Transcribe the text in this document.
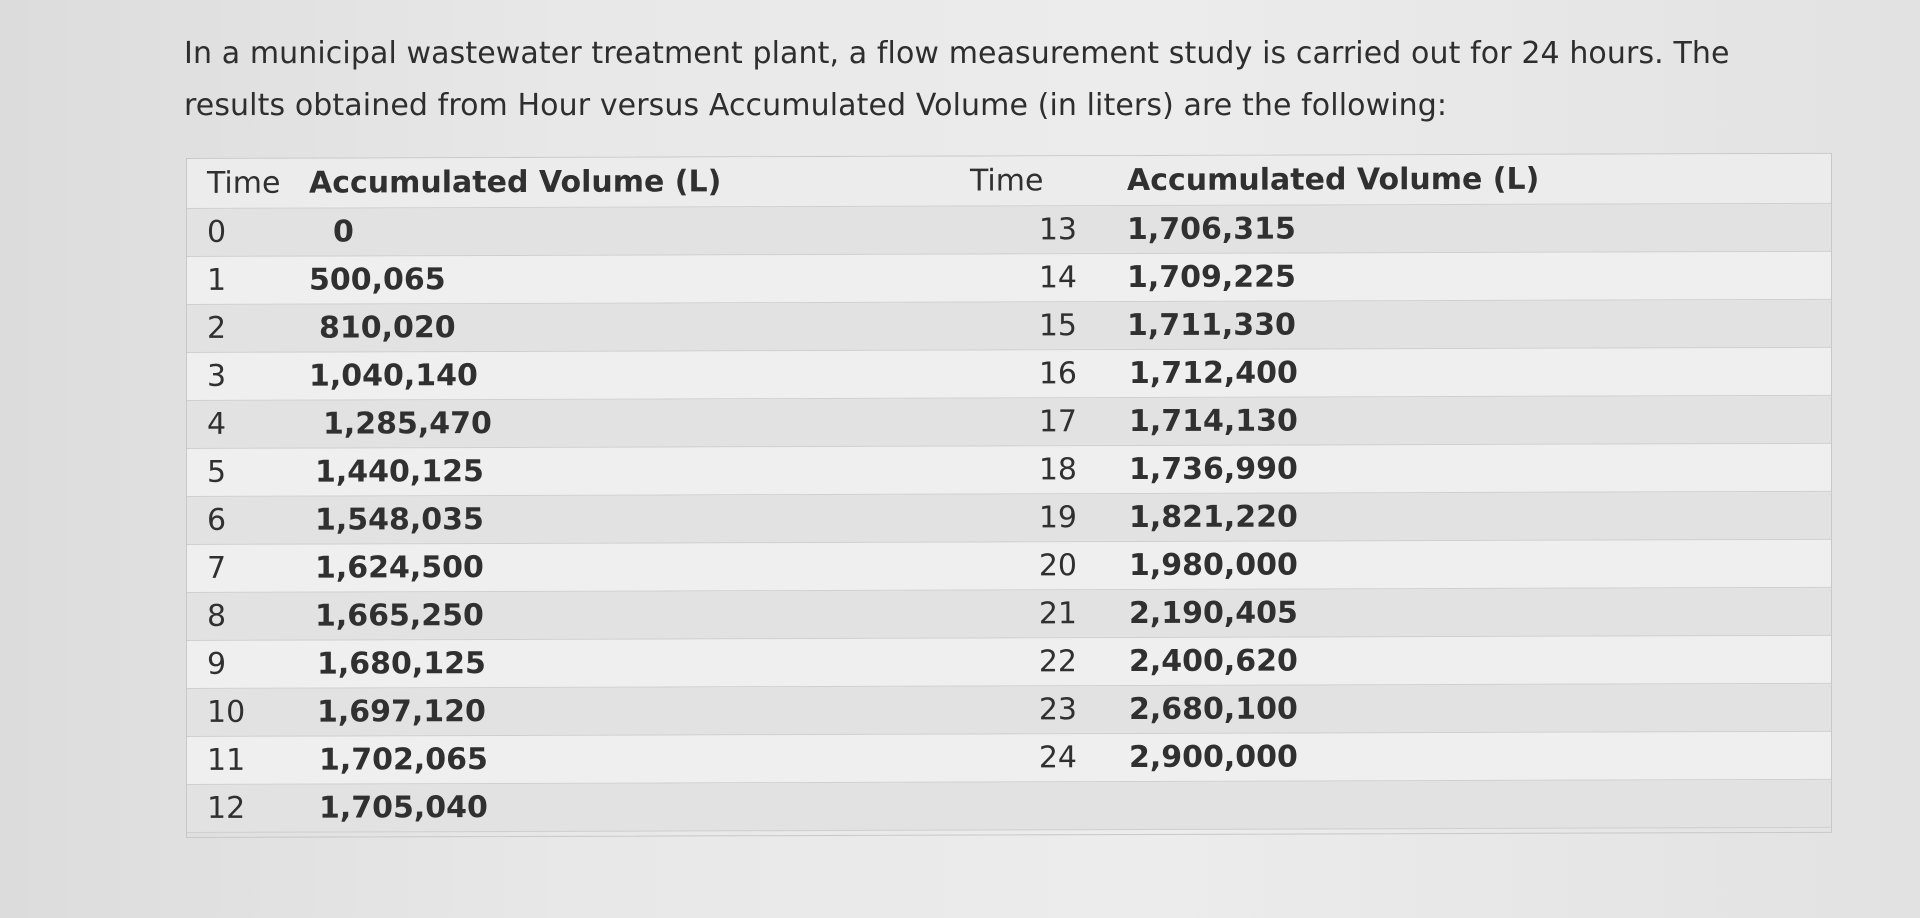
In a municipal wastewater treatment plant, a flow measurement study is carried out for 24 hours. The

results obtained from Hour versus Accumulated Volume (in liters) are the following:

Time Accumulated Volume (L)	Time	Accumulated Volume (L)
0	0	13 1,706,315
1	500,065	14 1,709,225
2	810,020	15 1,711,330
3	1,040,140	16 1,712,400
4	1,285,470	17 1,714,130
5	1,440,125	18 1,736,990
6	1,548,035	19 1,821,220
7	1,624,500	20 1,980,000
8	1,665,250	21 2,190,405
9	1,680,125	22 2,400,620
10	1,697,120	23 2,680,100
11	1,702,065	24 2,900,000
12	1,705,040
